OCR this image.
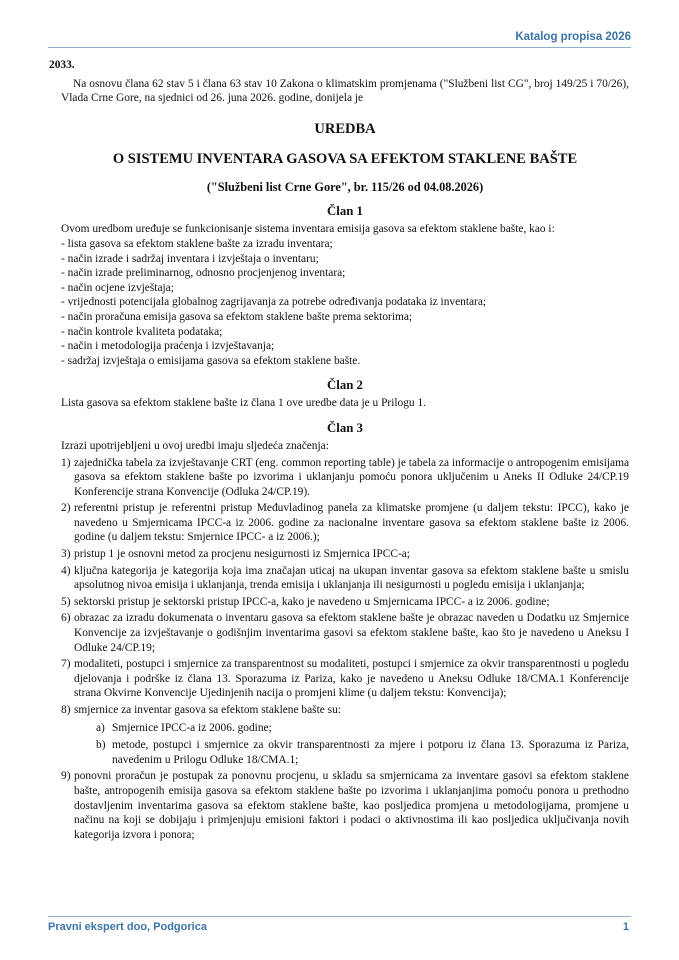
Katalog propisa 2026
2033.

Na osnovu člana 62 stav 5 i člana 63 stav 10 Zakona o klimatskim promjenama ("Službeni list CG", broj 149/25 i 70/26), Vlada Crne Gore, na sjednici od 26. juna 2026. godine, donijela je

UREDBA
O SISTEMU INVENTARA GASOVA SA EFEKTOM STAKLENE BAŠTE
("Službeni list Crne Gore", br. 115/26 od 04.08.2026)
Član 1

Ovom uredbom uređuje se funkcionisanje sistema inventara emisija gasova sa efektom staklene bašte, kao i:

- lista gasova sa efektom staklene bašte za izradu inventara;

- način izrade i sadržaj inventara i izvještaja o inventaru;

- način izrade preliminarnog, odnosno procjenjenog inventara;

- način ocjene izvještaja;

- vrijednosti potencijala globalnog zagrijavanja za potrebe određivanja podataka iz inventara;

- način proračuna emisija gasova sa efektom staklene bašte prema sektorima;

- način kontrole kvaliteta podataka;

- način i metodologija praćenja i izvještavanja;

- sadržaj izvještaja o emisijama gasova sa efektom staklene bašte.

Član 2

Lista gasova sa efektom staklene bašte iz člana 1 ove uredbe data je u Prilogu 1.

Član 3

Izrazi upotrijebljeni u ovoj uredbi imaju sljedeća značenja:

1) zajednička tabela za izvještavanje CRT (eng. common reporting table) je tabela za informacije o antropogenim emisijama gasova sa efektom staklene bašte po izvorima i uklanjanju pomoću ponora uključenim u Aneks II Odluke 24/CP.19 Konferencije strana Konvencije (Odluka 24/CP.19).
2) referentni pristup je referentni pristup Međuvladinog panela za klimatske promjene (u daljem tekstu: IPCC), kako je navedeno u Smjernicama IPCC-a iz 2006. godine za nacionalne inventare gasova sa efektom staklene bašte iz 2006. godine (u daljem tekstu: Smjernice IPCC- a iz 2006.);
3) pristup 1 je osnovni metod za procjenu nesigurnosti iz Smjernica IPCC-a;
4) ključna kategorija je kategorija koja ima značajan uticaj na ukupan inventar gasova sa efektom staklene bašte u smislu apsolutnog nivoa emisija i uklanjanja, trenda emisija i uklanjanja ili nesigurnosti u pogledu emisija i uklanjanja;
5) sektorski pristup je sektorski pristup IPCC-a, kako je navedeno u Smjernicama IPCC- a iz 2006. godine;
6) obrazac za izradu dokumenata o inventaru gasova sa efektom staklene bašte je obrazac naveden u Dodatku uz Smjernice Konvencije za izvještavanje o godišnjim inventarima gasovi sa efektom staklene bašte, kao što je navedeno u Aneksu I Odluke 24/CP.19;
7) modaliteti, postupci i smjernice za transparentnost su modaliteti, postupci i smjernice za okvir transparentnosti u pogledu djelovanja i podrške iz člana 13. Sporazuma iz Pariza, kako je navedeno u Aneksu Odluke 18/CMA.1 Konferencije strana Okvirne Konvencije Ujedinjenih nacija o promjeni klime (u daljem tekstu: Konvencija);
8) smjernice za inventar gasova sa efektom staklene bašte su:
a) Smjernice IPCC-a iz 2006. godine;
b) metode, postupci i smjernice za okvir transparentnosti za mjere i potporu iz člana 13. Sporazuma iz Pariza, navedenim u Prilogu Odluke 18/CMA.1;
9) ponovni proračun je postupak za ponovnu procjenu, u skladu sa smjernicama za inventare gasovi sa efektom staklene bašte, antropogenih emisija gasova sa efektom staklene bašte po izvorima i uklanjanjima pomoću ponora u prethodno dostavljenim inventarima gasova sa efektom staklene bašte, kao posljedica promjena u metodologijama, promjene u načinu na koji se dobijaju i primjenjuju emisioni faktori i podaci o aktivnostima ili kao posljedica uključivanja novih kategorija izvora i ponora;
Pravni ekspert doo, Podgorica	1
